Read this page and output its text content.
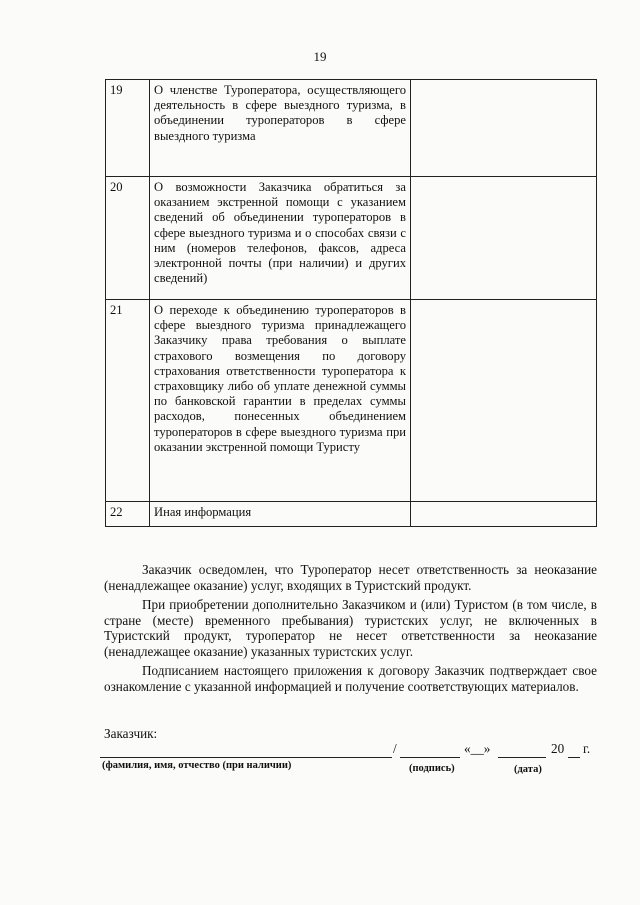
19
19	О членстве Туроператора, осуществляющего деятельность в сфере выездного туризма, в объединении туроператоров в сфере выездного туризма	
20	О возможности Заказчика обратиться за оказанием экстренной помощи с указанием сведений об объединении туроператоров в сфере выездного туризма и о способах связи с ним (номеров телефонов, факсов, адреса электронной почты (при наличии) и других сведений)	
21	О переходе к объединению туроператоров в сфере выездного туризма принадлежащего Заказчику права требования о выплате страхового возмещения по договору страхования ответственности туроператора к страховщику либо об уплате денежной суммы по банковской гарантии в пределах суммы расходов, понесенных объединением туроператоров в сфере выездного туризма при оказании экстренной помощи Туристу	
22	Иная информация	

Заказчик осведомлен, что Туроператор несет ответственность за неоказание (ненадлежащее оказание) услуг, входящих в Туристский продукт.

При приобретении дополнительно Заказчиком и (или) Туристом (в том числе, в стране (месте) временного пребывания) туристских услуг, не включенных в Туристский продукт, туроператор не несет ответственности за неоказание (ненадлежащее оказание) указанных туристских услуг.

Подписанием настоящего приложения к договору Заказчик подтверждает свое ознакомление с указанной информацией и получение соответствующих материалов.

Заказчик:
/	«__»	20 г.
(фамилия, имя, отчество (при наличии)	(подпись)	(дата)
